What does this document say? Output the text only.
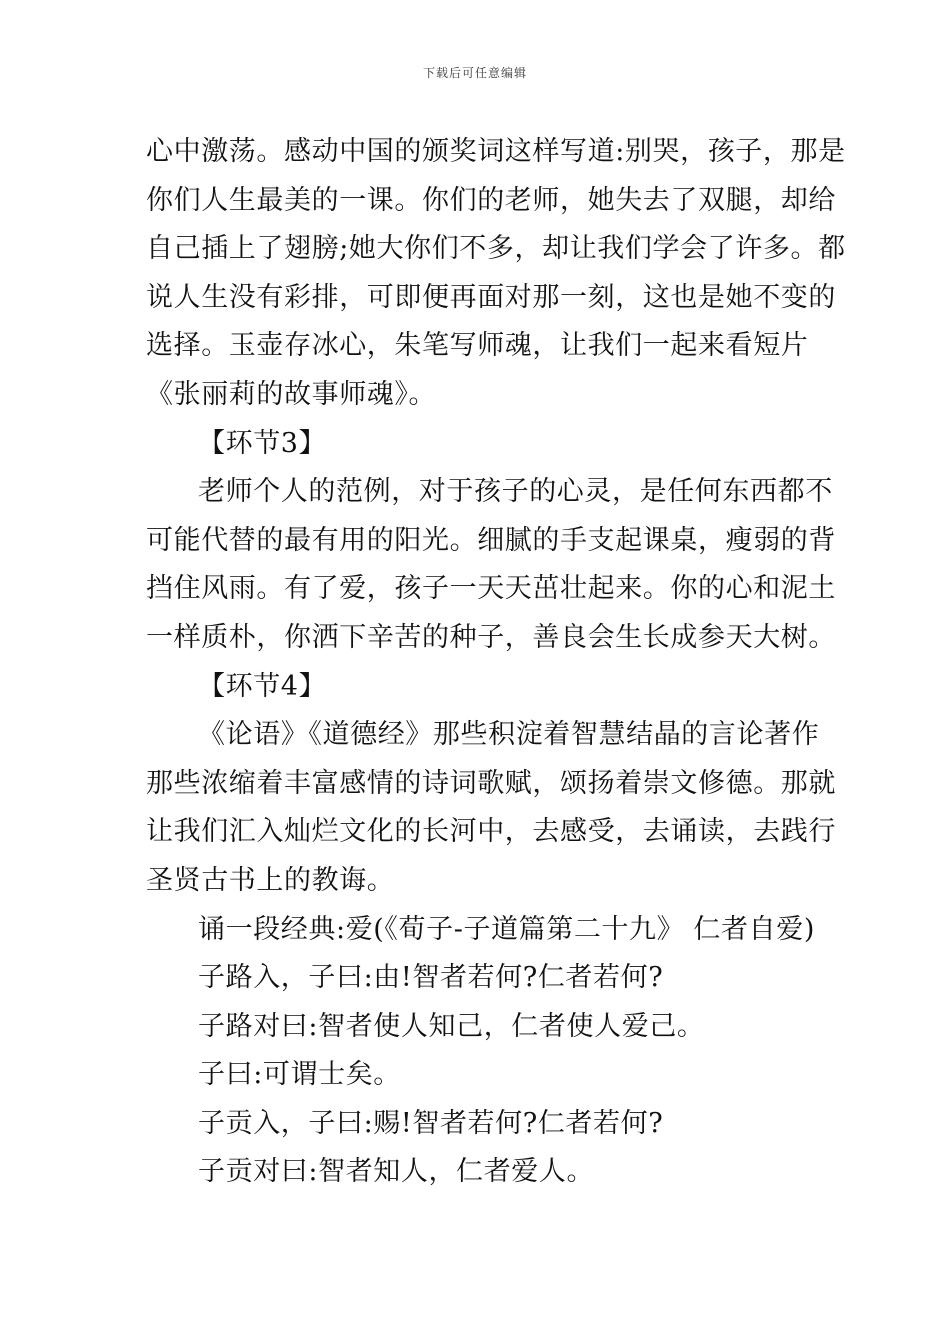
下载后可任意编辑
心中激荡。感动中国的颁奖词这样写道:别哭，孩子，那是
你们人生最美的一课。你们的老师，她失去了双腿，却给
自己插上了翅膀;她大你们不多，却让我们学会了许多。都
说人生没有彩排，可即便再面对那一刻，这也是她不变的
选择。玉壶存冰心，朱笔写师魂，让我们一起来看短片
《张丽莉的故事师魂》。
【环节3】
老师个人的范例，对于孩子的心灵，是任何东西都不
可能代替的最有用的阳光。细腻的手支起课桌，瘦弱的背
挡住风雨。有了爱，孩子一天天茁壮起来。你的心和泥土
一样质朴，你洒下辛苦的种子，善良会生长成参天大树。
【环节4】
《论语》《道德经》那些积淀着智慧结晶的言论著作
那些浓缩着丰富感情的诗词歌赋，颂扬着崇文修德。那就
让我们汇入灿烂文化的长河中，去感受，去诵读，去践行
圣贤古书上的教诲。
诵一段经典:爱(《荀子-子道篇第二十九》 仁者自爱)
子路入，子曰:由!智者若何?仁者若何?
子路对曰:智者使人知己，仁者使人爱己。
子曰:可谓士矣。
子贡入，子曰:赐!智者若何?仁者若何?
子贡对曰:智者知人，仁者爱人。
